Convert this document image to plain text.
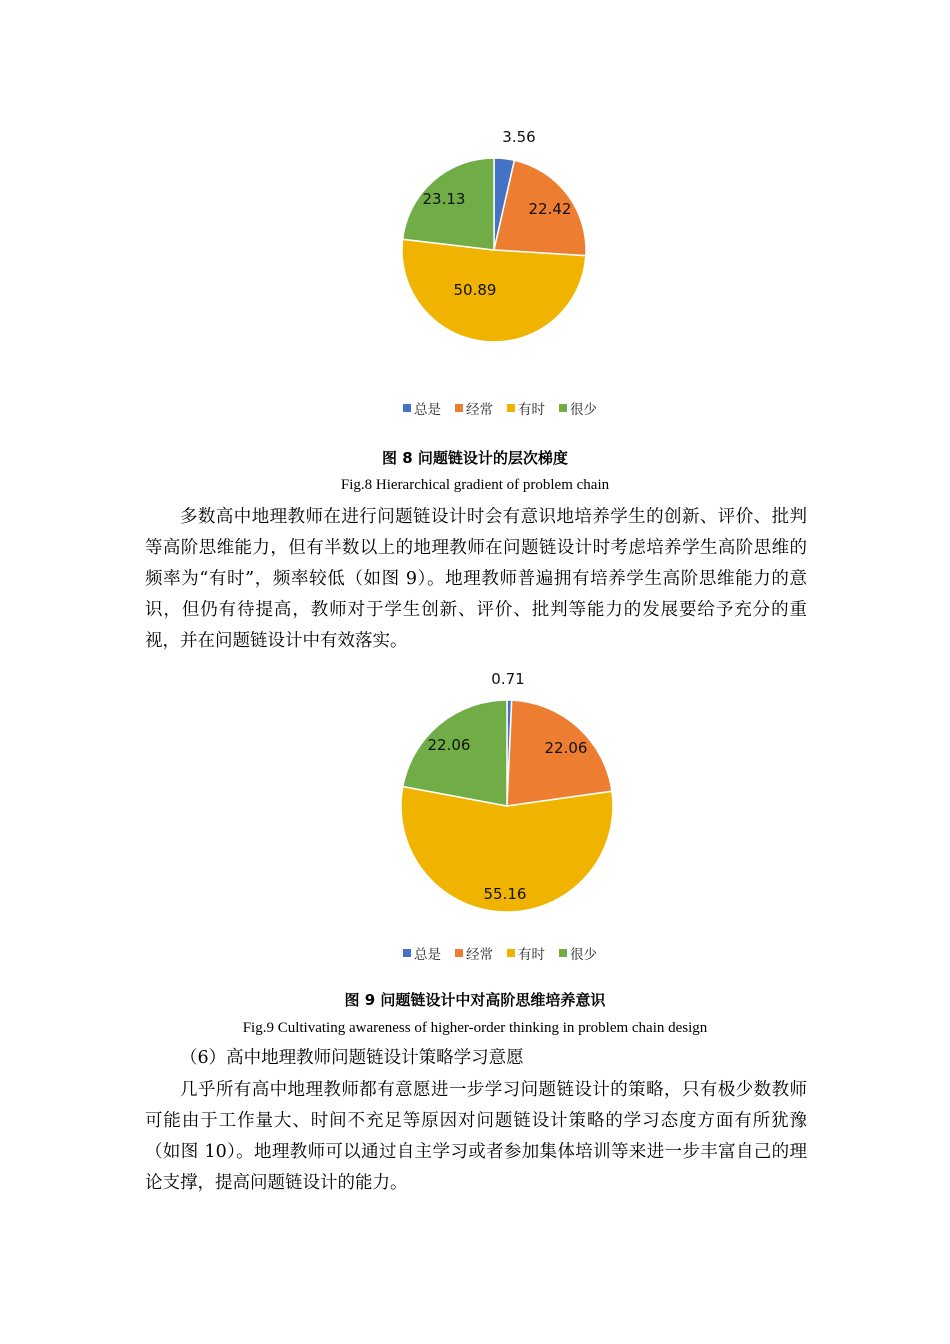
3.56
22.42
50.89
23.13
总是 经常 有时 很少
图 8 问题链设计的层次梯度
Fig.8 Hierarchical gradient of problem chain

多数高中地理教师在进行问题链设计时会有意识地培养学生的创新、评价、批判等高阶思维能力，但有半数以上的地理教师在问题链设计时考虑培养学生高阶思维的频率为“有时”，频率较低（如图 9）。地理教师普遍拥有培养学生高阶思维能力的意识，但仍有待提高，教师对于学生创新、评价、批判等能力的发展要给予充分的重视，并在问题链设计中有效落实。

0.71
22.06
55.16
22.06
总是 经常 有时 很少
图 9 问题链设计中对高阶思维培养意识
Fig.9 Cultivating awareness of higher-order thinking in problem chain design

（6）高中地理教师问题链设计策略学习意愿

几乎所有高中地理教师都有意愿进一步学习问题链设计的策略，只有极少数教师可能由于工作量大、时间不充足等原因对问题链设计策略的学习态度方面有所犹豫（如图 10）。地理教师可以通过自主学习或者参加集体培训等来进一步丰富自己的理论支撑，提高问题链设计的能力。
